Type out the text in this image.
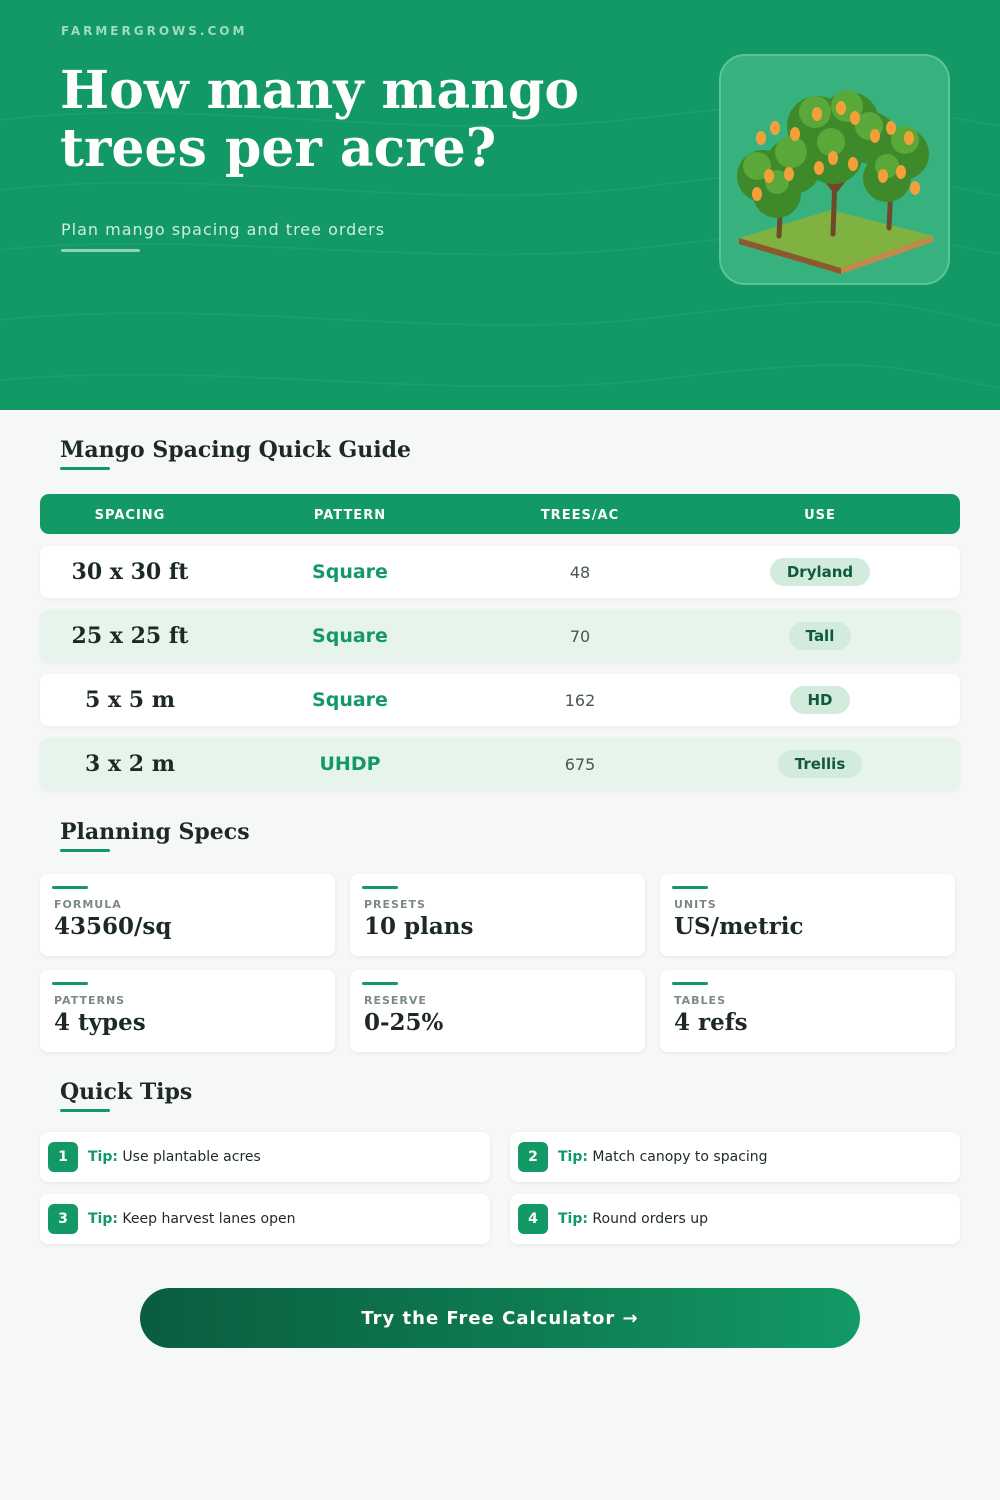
FARMERGROWS.COM
How many mango trees per acre?
Plan mango spacing and tree orders
Mango Spacing Quick Guide
SPACING	PATTERN	TREES/AC	USE
30 x 30 ft	Square	48	Dryland
25 x 25 ft	Square	70	Tall
5 x 5 m	Square	162	HD
3 x 2 m	UHDP	675	Trellis
Planning Specs
FORMULA
43560/sq
PRESETS
10 plans
UNITS
US/metric
PATTERNS
4 types
RESERVE
0-25%
TABLES
4 refs
Quick Tips
1	Tip: Use plantable acres	2	Tip: Match canopy to spacing
3	Tip: Keep harvest lanes open	4	Tip: Round orders up
Try the Free Calculator →
